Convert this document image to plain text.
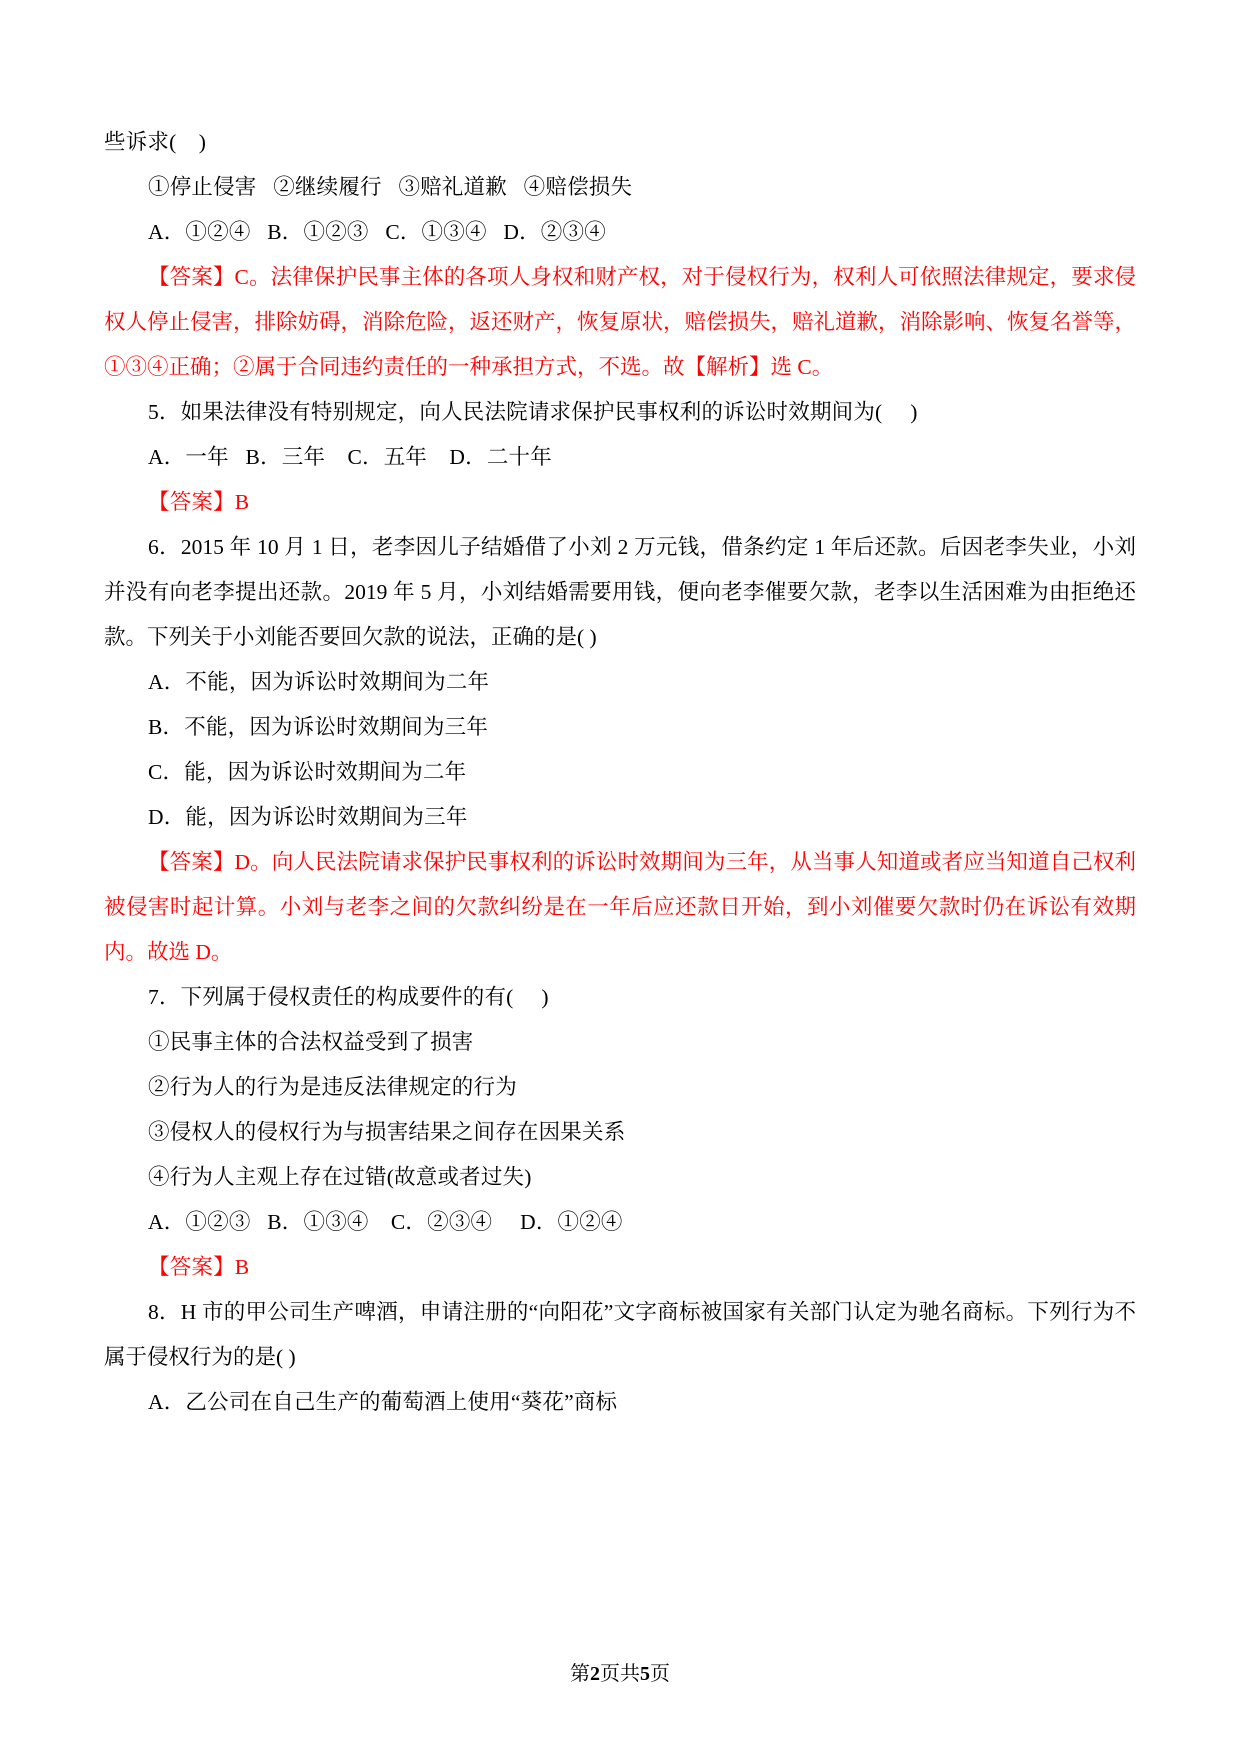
些诉求(    )
①停止侵害   ②继续履行   ③赔礼道歉   ④赔偿损失
A．①②④   B．①②③   C．①③④   D．②③④
【答案】C。法律保护民事主体的各项人身权和财产权，对于侵权行为，权利人可依照法律规定，要求侵权人停止侵害，排除妨碍，消除危险，返还财产，恢复原状，赔偿损失，赔礼道歉，消除影响、恢复名誉等，①③④正确；②属于合同违约责任的一种承担方式，不选。故【解析】选 C。
5．如果法律没有特别规定，向人民法院请求保护民事权利的诉讼时效期间为(     )
A．一年   B．三年    C．五年    D．二十年
【答案】B
6．2015 年 10 月 1 日，老李因儿子结婚借了小刘 2 万元钱，借条约定 1 年后还款。后因老李失业，小刘并没有向老李提出还款。2019 年 5 月，小刘结婚需要用钱，便向老李催要欠款，老李以生活困难为由拒绝还款。下列关于小刘能否要回欠款的说法，正确的是( )
A．不能，因为诉讼时效期间为二年
B．不能，因为诉讼时效期间为三年
C．能，因为诉讼时效期间为二年
D．能，因为诉讼时效期间为三年
【答案】D。向人民法院请求保护民事权利的诉讼时效期间为三年，从当事人知道或者应当知道自己权利被侵害时起计算。小刘与老李之间的欠款纠纷是在一年后应还款日开始，到小刘催要欠款时仍在诉讼有效期内。故选 D。
7．下列属于侵权责任的构成要件的有(     )
①民事主体的合法权益受到了损害
②行为人的行为是违反法律规定的行为
③侵权人的侵权行为与损害结果之间存在因果关系
④行为人主观上存在过错(故意或者过失)
A．①②③   B．①③④    C．②③④     D．①②④
【答案】B
8．H 市的甲公司生产啤酒，申请注册的“向阳花”文字商标被国家有关部门认定为驰名商标。下列行为不属于侵权行为的是( )
A．乙公司在自己生产的葡萄酒上使用“葵花”商标
第2页共5页
